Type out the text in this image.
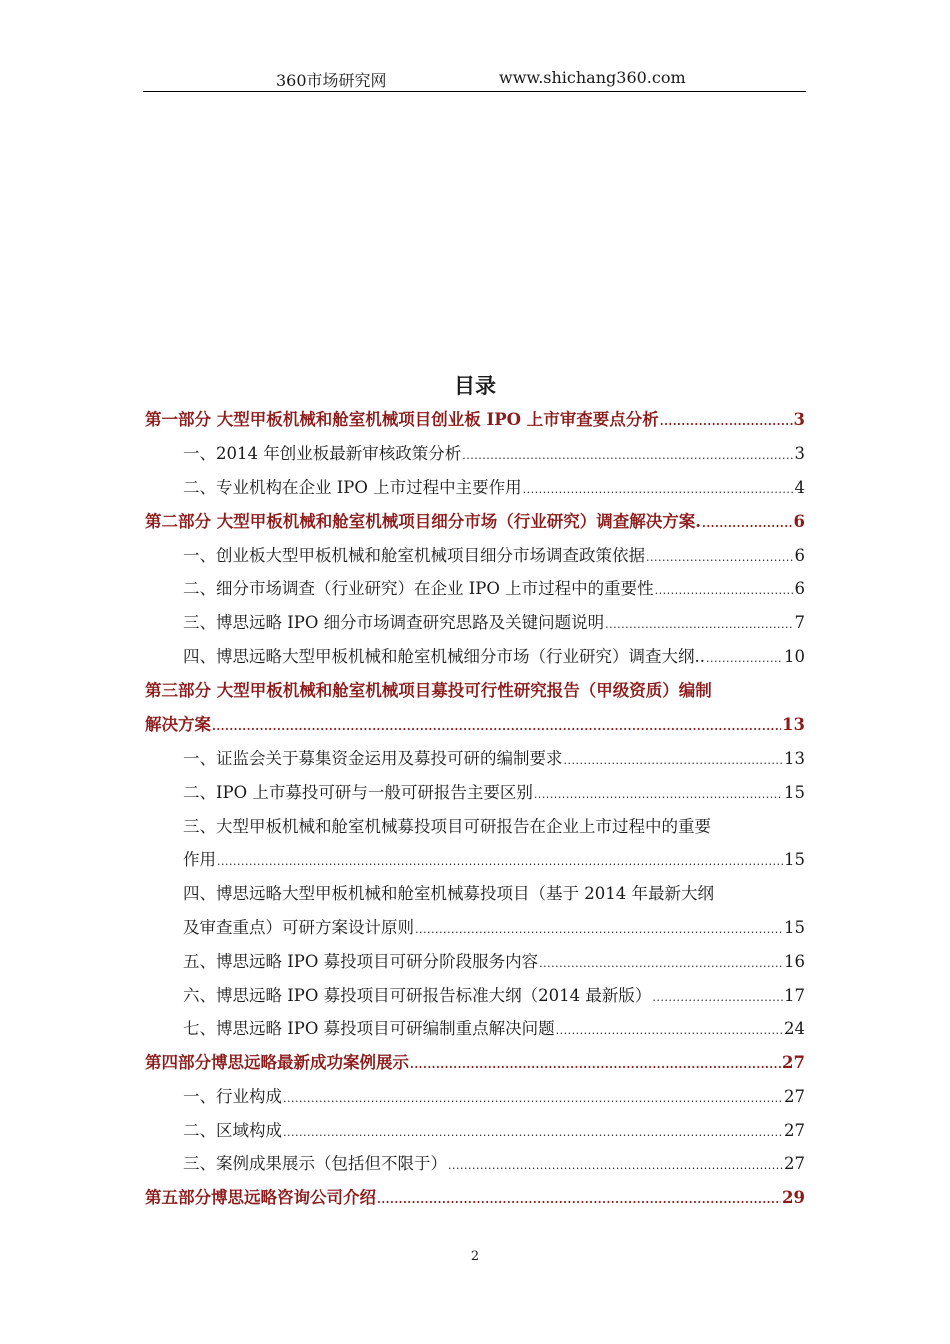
360市场研究网	www.shichang360.com
目录
第一部分 大型甲板机械和舱室机械项目创业板 IPO 上市审查要点分析 .....	3
一、2014 年创业板最新审核政策分析 .....	3
二、专业机构在企业 IPO 上市过程中主要作用 .....	4
第二部分 大型甲板机械和舱室机械项目细分市场（行业研究）调查解决方案. .....	6
一、创业板大型甲板机械和舱室机械项目细分市场调查政策依据 .....	6
二、细分市场调查（行业研究）在企业 IPO 上市过程中的重要性 .....	6
三、博思远略 IPO 细分市场调查研究思路及关键问题说明 .....	7
四、博思远略大型甲板机械和舱室机械细分市场（行业研究）调查大纲.. .....	10
第三部分 大型甲板机械和舱室机械项目募投可行性研究报告（甲级资质）编制
解决方案 .....	13
一、证监会关于募集资金运用及募投可研的编制要求 .....	13
二、IPO 上市募投可研与一般可研报告主要区别 .....	15
三、大型甲板机械和舱室机械募投项目可研报告在企业上市过程中的重要
作用 .....	15
四、博思远略大型甲板机械和舱室机械募投项目（基于 2014 年最新大纲
及审查重点）可研方案设计原则 .....	15
五、博思远略 IPO 募投项目可研分阶段服务内容 .....	16
六、博思远略 IPO 募投项目可研报告标准大纲（2014 最新版） .....	17
七、博思远略 IPO 募投项目可研编制重点解决问题 .....	24
第四部分博思远略最新成功案例展示 .....	27
一、行业构成 .....	27
二、区域构成 .....	27
三、案例成果展示（包括但不限于） .....	27
第五部分博思远略咨询公司介绍 .....	29
2
